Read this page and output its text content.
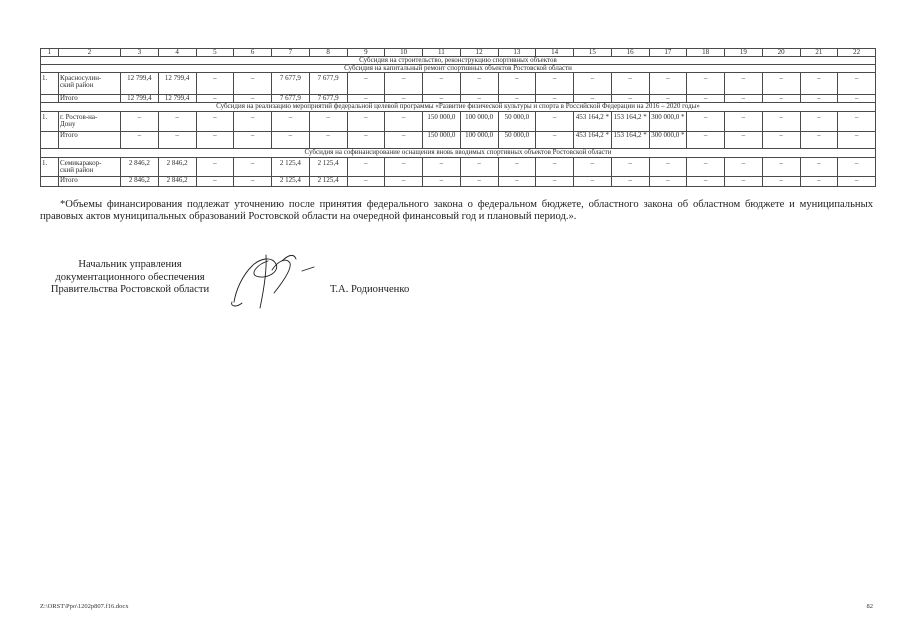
1	2	3	4	5	6	7	8	9	10	11	12	13	14	15	16	17	18	19	20	21	22
Субсидия на строительство, реконструкцию спортивных объектов																					
Субсидия на капитальный ремонт спортивных объектов Ростовской области																					
1.	Красносулин-
ский район	12 799,4	12 799,4	–	–	7 677,9	7 677,9	–	–	–	–	–	–	–	–	–	–	–	–	–	–
	Итого	12 799,4	12 799,4	–	–	7 677,9	7 677,9	–	–	–	–	–	–	–	–	–	–	–	–	–	–
Субсидия на реализацию мероприятий федеральной целевой программы «Развитие физической культуры и спорта в Российской Федерации на 2016 – 2020 годы»																					
1.	г. Ростов-на-
Дону	–	–	–	–	–	–	–	–	150 000,0	100 000,0	50 000,0	–	453 164,2 *	153 164,2 *	300 000,0 *	–	–	–	–	–
	Итого	–	–	–	–	–	–	–	–	150 000,0	100 000,0	50 000,0	–	453 164,2 *	153 164,2 *	300 000,0 *	–	–	–	–	–
Субсидия на софинансирование оснащения вновь вводимых спортивных объектов Ростовской области																					
1.	Семикаракор-
ский район	2 846,2	2 846,2	–	–	2 125,4	2 125,4	–	–	–	–	–	–	–	–	–	–	–	–	–	–
	Итого	2 846,2	2 846,2	–	–	2 125,4	2 125,4	–	–	–	–	–	–	–	–	–	–	–	–	–	–
*Объемы финансирования подлежат уточнению после принятия федерального закона о федеральном бюджете, областного закона об областном бюджете и муниципальных
правовых актов муниципальных образований Ростовской области на очередной финансовый год и плановый период.».
Начальник управления
документационного обеспечения
Правительства Ростовской области	Т.А. Родионченко
Z:\ORST\Ppo\1202p807.f16.docx	82
